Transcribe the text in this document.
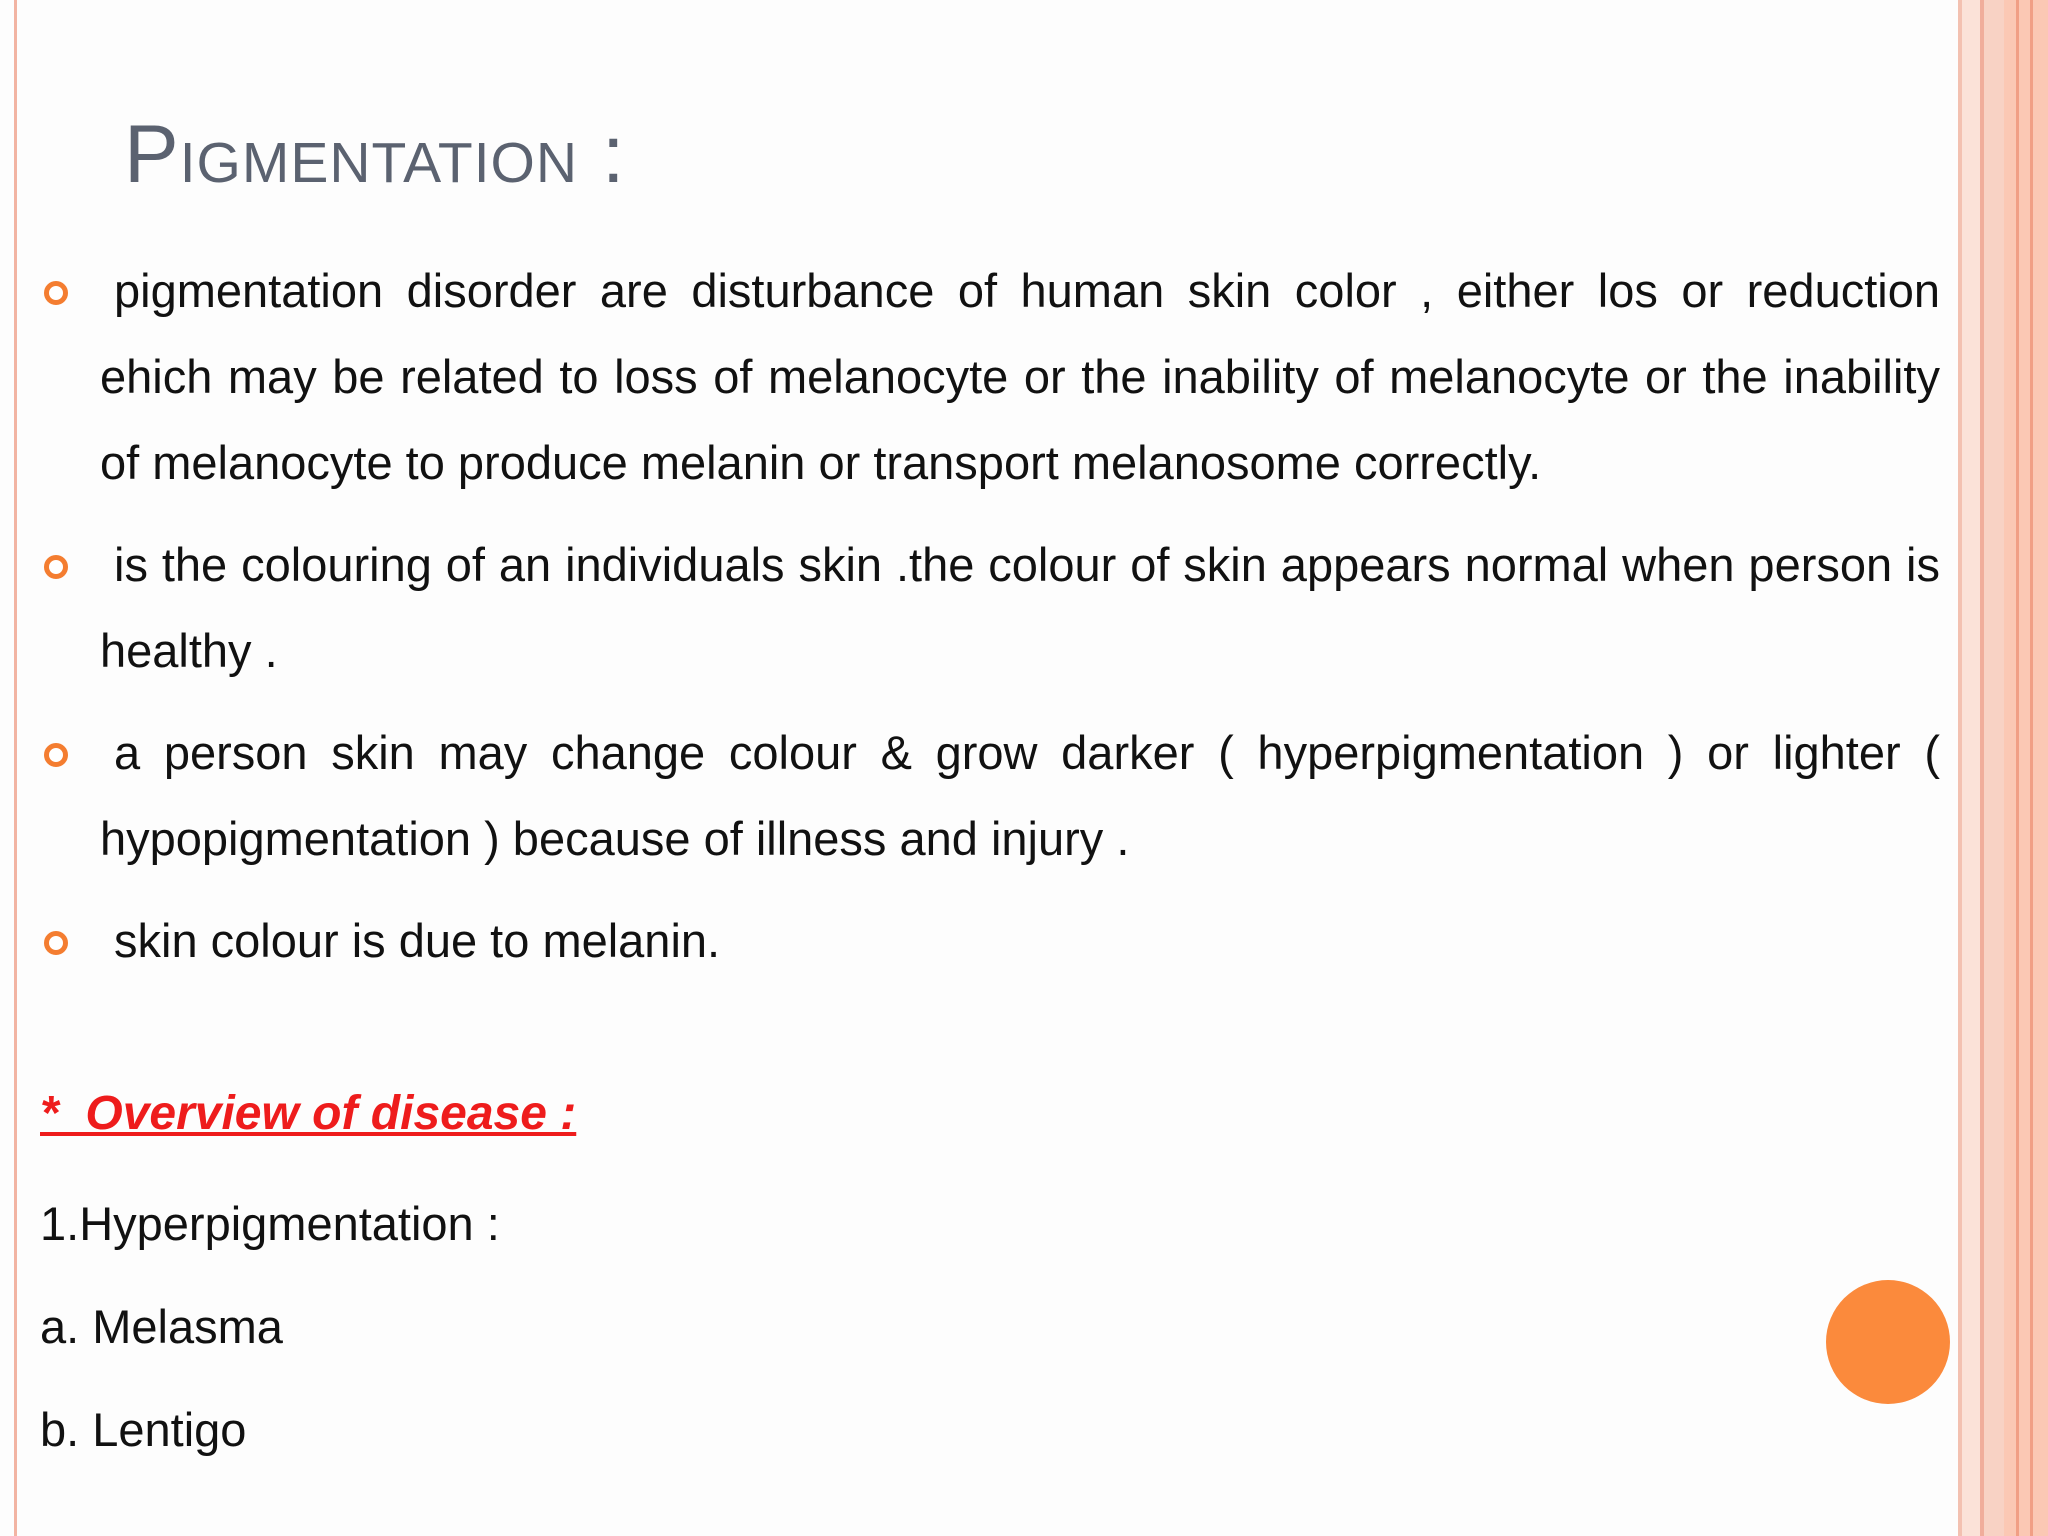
Pigmentation :
pigmentation disorder are disturbance of human skin color , either los or reduction ehich may be related to loss of melanocyte or the inability of melanocyte or the inability of melanocyte to produce melanin or transport melanosome correctly.
is the colouring of an individuals skin .the colour of skin appears normal when person is healthy .
a person skin may change colour & grow darker ( hyperpigmentation ) or lighter ( hypopigmentation ) because of illness and injury .
skin colour is due to melanin.

*  Overview of disease :

1.Hyperpigmentation :

a. Melasma

b. Lentigo
